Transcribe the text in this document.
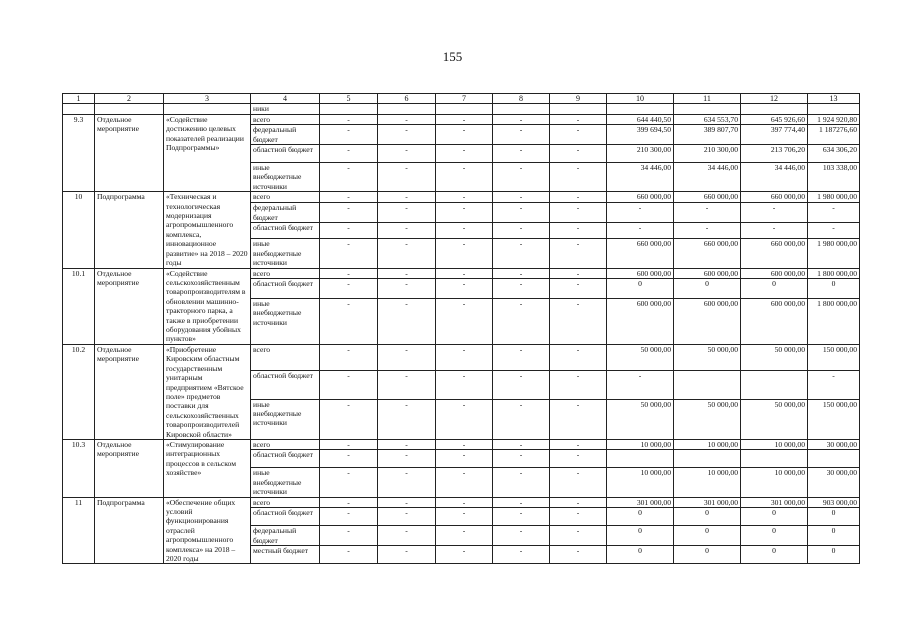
155
1	2	3	4	5	6	7	8	9	10	11	12	13
			ники									
9.3	Отдельное мероприятие	«Содействие достижению целевых показателей реализации Подпрограммы»	всего	-	-	-	-	-	644 440,50	634 553,70	645 926,60	1 924 920,80
			федеральный бюджет	-	-	-	-	-	399 694,50	389 807,70	397 774,40	1 187276,60
			областной бюджет	-	-	-	-	-	210 300,00	210 300,00	213 706,20	634 306,20
			иные внебюджетные источники	-	-	-	-	-	34 446,00	34 446,00	34 446,00	103 338,00
10	Подпрограмма	«Техническая и технологическая модернизация агропромышленного комплекса, инновационное развитие» на 2018 – 2020 годы	всего	-	-	-	-	-	660 000,00	660 000,00	660 000,00	1 980 000,00
			федеральный бюджет	-	-	-	-	-	-	-	-	-
			областной бюджет	-	-	-	-	-	-	-	-	-
			иные внебюджетные источники	-	-	-	-	-	660 000,00	660 000,00	660 000,00	1 980 000,00
10.1	Отдельное мероприятие	«Содействие сельскохозяйственным товаропроизводителям в обновлении машинно-тракторного парка, а также в приобретении оборудования убойных пунктов»	всего	-	-	-	-	-	600 000,00	600 000,00	600 000,00	1 800 000,00
			областной бюджет	-	-	-	-	-	0	0	0	0
			иные внебюджетные источники	-	-	-	-	-	600 000,00	600 000,00	600 000,00	1 800 000,00
10.2	Отдельное мероприятие	«Приобретение Кировским областным государственным унитарным предприятием «Вятское поле» предметов поставки для сельскохозяйственных товаропроизводителей Кировской области»	всего	-	-	-	-	-	50 000,00	50 000,00	50 000,00	150 000,00
			областной бюджет	-	-	-	-	-	-			-
			иные внебюджетные источники	-	-	-	-	-	50 000,00	50 000,00	50 000,00	150 000,00
10.3	Отдельное мероприятие	«Стимулирование интеграционных процессов в сельском хозяйстве»	всего	-	-	-	-	-	10 000,00	10 000,00	10 000,00	30 000,00
			областной бюджет	-	-	-	-	-				
			иные внебюджетные источники	-	-	-	-	-	10 000,00	10 000,00	10 000,00	30 000,00
11	Подпрограмма	«Обеспечение общих условий функционирования отраслей агропромышленного комплекса» на 2018 – 2020 годы	всего	-	-	-	-	-	301 000,00	301 000,00	301 000,00	903 000,00
			областной бюджет	-	-	-	-	-	0	0	0	0
			федеральный бюджет	-	-	-	-	-	0	0	0	0
			местный бюджет	-	-	-	-	-	0	0	0	0
